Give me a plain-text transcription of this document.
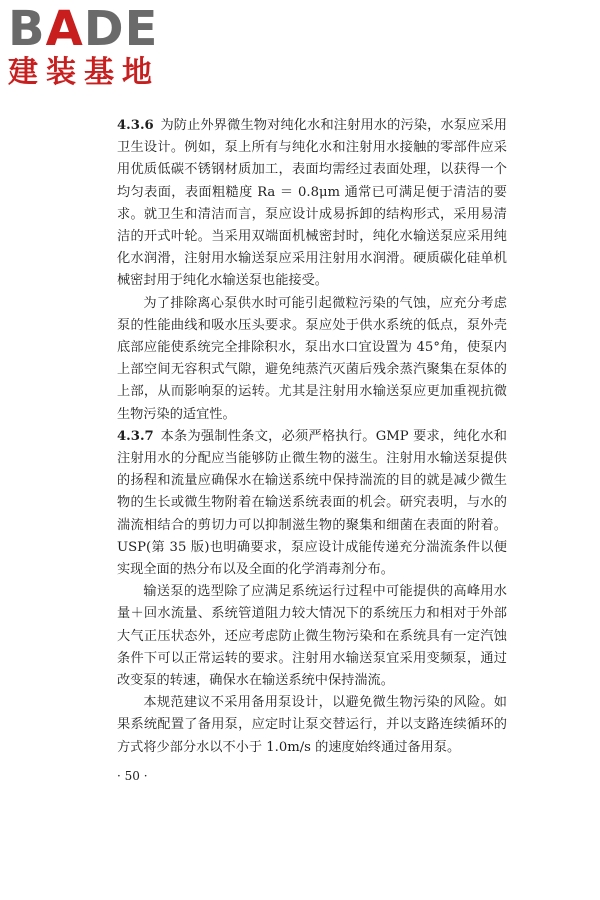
BADE
建装基地

4.3.6 为防止外界微生物对纯化水和注射用水的污染，水泵应采用卫生设计。例如，泵上所有与纯化水和注射用水接触的零部件应采用优质低碳不锈钢材质加工，表面均需经过表面处理，以获得一个均匀表面，表面粗糙度 Ra ＝ 0.8μm 通常已可满足便于清洁的要求。就卫生和清洁而言，泵应设计成易拆卸的结构形式，采用易清洁的开式叶轮。当采用双端面机械密封时，纯化水输送泵应采用纯化水润滑，注射用水输送泵应采用注射用水润滑。硬质碳化硅单机械密封用于纯化水输送泵也能接受。

为了排除离心泵供水时可能引起微粒污染的气蚀，应充分考虑泵的性能曲线和吸水压头要求。泵应处于供水系统的低点，泵外壳底部应能使系统完全排除积水，泵出水口宜设置为 45°角，使泵内上部空间无容积式气隙，避免纯蒸汽灭菌后残余蒸汽聚集在泵体的上部，从而影响泵的运转。尤其是注射用水输送泵应更加重视抗微生物污染的适宜性。

4.3.7 本条为强制性条文，必须严格执行。GMP 要求，纯化水和注射用水的分配应当能够防止微生物的滋生。注射用水输送泵提供的扬程和流量应确保水在输送系统中保持湍流的目的就是减少微生物的生长或微生物附着在输送系统表面的机会。研究表明，与水的湍流相结合的剪切力可以抑制滋生物的聚集和细菌在表面的附着。USP(第 35 版)也明确要求，泵应设计成能传递充分湍流条件以便实现全面的热分布以及全面的化学消毒剂分布。

输送泵的选型除了应满足系统运行过程中可能提供的高峰用水量＋回水流量、系统管道阻力较大情况下的系统压力和相对于外部大气正压状态外，还应考虑防止微生物污染和在系统具有一定汽蚀条件下可以正常运转的要求。注射用水输送泵宜采用变频泵，通过改变泵的转速，确保水在输送系统中保持湍流。

本规范建议不采用备用泵设计，以避免微生物污染的风险。如果系统配置了备用泵，应定时让泵交替运行，并以支路连续循环的方式将少部分水以不小于 1.0m/s 的速度始终通过备用泵。

· 50 ·
